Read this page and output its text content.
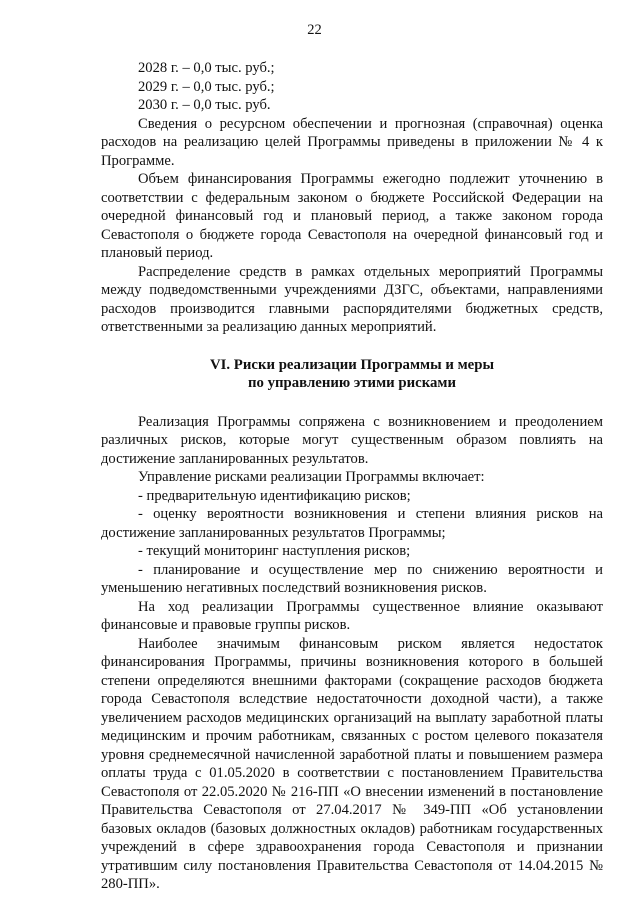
22

2028 г. – 0,0 тыс. руб.;

2029 г. – 0,0 тыс. руб.;

2030 г. – 0,0 тыс. руб.

Сведения о ресурсном обеспечении и прогнозная (справочная) оценка расходов на реализацию целей Программы приведены в приложении № 4 к Программе.

Объем финансирования Программы ежегодно подлежит уточнению в соответствии с федеральным законом о бюджете Российской Федерации на очередной финансовый год и плановый период, а также законом города Севастополя о бюджете города Севастополя на очередной финансовый год и плановый период.

Распределение средств в рамках отдельных мероприятий Программы между подведомственными учреждениями ДЗГС, объектами, направлениями расходов производится главными распорядителями бюджетных средств, ответственными за реализацию данных мероприятий.

VI. Риски реализации Программы и меры
по управлению этими рисками

Реализация Программы сопряжена с возникновением и преодолением различных рисков, которые могут существенным образом повлиять на достижение запланированных результатов.

Управление рисками реализации Программы включает:

- предварительную идентификацию рисков;

- оценку вероятности возникновения и степени влияния рисков на достижение запланированных результатов Программы;

- текущий мониторинг наступления рисков;

- планирование и осуществление мер по снижению вероятности и уменьшению негативных последствий возникновения рисков.

На ход реализации Программы существенное влияние оказывают финансовые и правовые группы рисков.

Наиболее значимым финансовым риском является недостаток финансирования Программы, причины возникновения которого в большей степени определяются внешними факторами (сокращение расходов бюджета города Севастополя вследствие недостаточности доходной части), а также увеличением расходов медицинских организаций на выплату заработной платы медицинским и прочим работникам, связанных с ростом целевого показателя уровня среднемесячной начисленной заработной платы и повышением размера оплаты труда с 01.05.2020 в соответствии с постановлением Правительства Севастополя от 22.05.2020 № 216-ПП «О внесении изменений в постановление Правительства Севастополя от 27.04.2017 № 349-ПП «Об установлении базовых окладов (базовых должностных окладов) работникам государственных учреждений в сфере здравоохранения города Севастополя и признании утратившим силу постановления Правительства Севастополя от 14.04.2015 № 280-ПП».
